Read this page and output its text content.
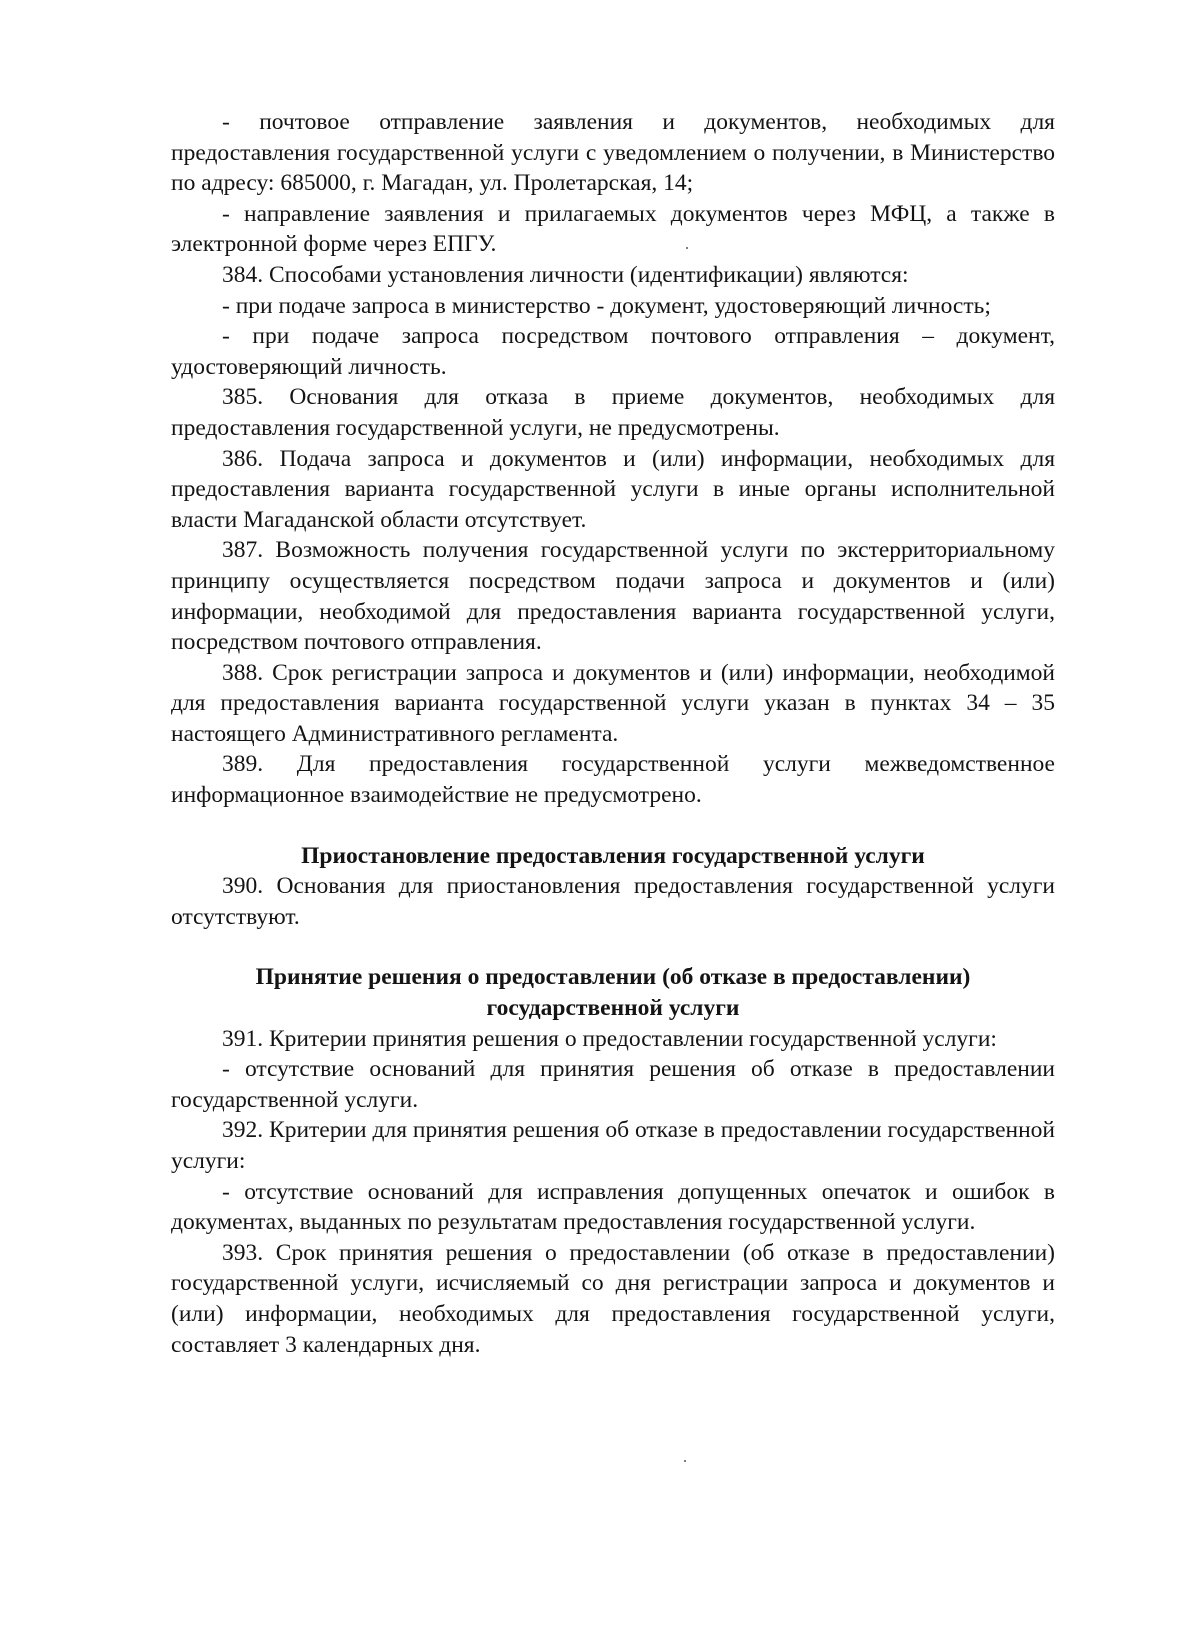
- почтовое отправление заявления и документов, необходимых для предоставления государственной услуги с уведомлением о получении, в Министерство по адресу: 685000, г. Магадан, ул. Пролетарская, 14;

- направление заявления и прилагаемых документов через МФЦ, а также в электронной форме через ЕПГУ.

384. Способами установления личности (идентификации) являются:

- при подаче запроса в министерство - документ, удостоверяющий личность;

- при подаче запроса посредством почтового отправления – документ, удостоверяющий личность.

385. Основания для отказа в приеме документов, необходимых для предоставления государственной услуги, не предусмотрены.

386. Подача запроса и документов и (или) информации, необходимых для предоставления варианта государственной услуги в иные органы исполнительной власти Магаданской области отсутствует.

387. Возможность получения государственной услуги по экстерриториальному принципу осуществляется посредством подачи запроса и документов и (или) информации, необходимой для предоставления варианта государственной услуги, посредством почтового отправления.

388. Срок регистрации запроса и документов и (или) информации, необходимой для предоставления варианта государственной услуги указан в пунктах 34 – 35 настоящего Административного регламента.

389. Для предоставления государственной услуги межведомственное информационное взаимодействие не предусмотрено.

Приостановление предоставления государственной услуги

390. Основания для приостановления предоставления государственной услуги отсутствуют.

Принятие решения о предоставлении (об отказе в предоставлении)
государственной услуги

391. Критерии принятия решения о предоставлении государственной услуги:

- отсутствие оснований для принятия решения об отказе в предоставлении государственной услуги.

392. Критерии для принятия решения об отказе в предоставлении государственной услуги:

- отсутствие оснований для исправления допущенных опечаток и ошибок в документах, выданных по результатам предоставления государственной услуги.

393. Срок принятия решения о предоставлении (об отказе в предоставлении) государственной услуги, исчисляемый со дня регистрации запроса и документов и (или) информации, необходимых для предоставления государственной услуги, составляет 3 календарных дня.
